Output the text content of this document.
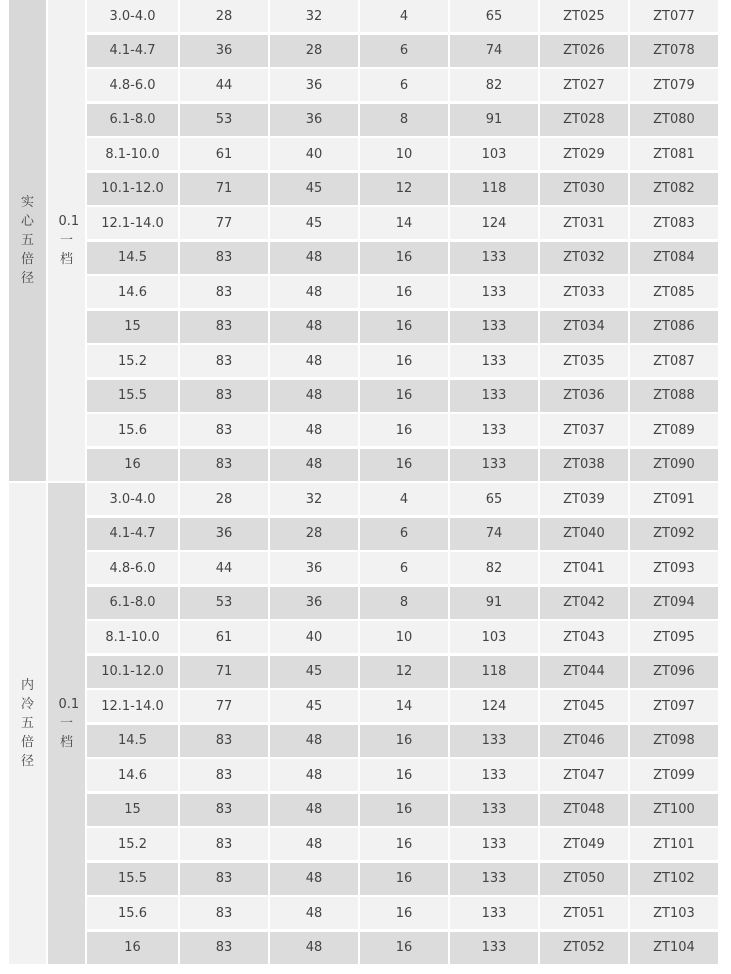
实心五倍径
0.1一档
3.0-4.0	28	32	4	65	ZT025	ZT077
4.1-4.7	36	28	6	74	ZT026	ZT078
4.8-6.0	44	36	6	82	ZT027	ZT079
6.1-8.0	53	36	8	91	ZT028	ZT080
8.1-10.0	61	40	10	103	ZT029	ZT081
10.1-12.0	71	45	12	118	ZT030	ZT082
12.1-14.0	77	45	14	124	ZT031	ZT083
14.5	83	48	16	133	ZT032	ZT084
14.6	83	48	16	133	ZT033	ZT085
15	83	48	16	133	ZT034	ZT086
15.2	83	48	16	133	ZT035	ZT087
15.5	83	48	16	133	ZT036	ZT088
15.6	83	48	16	133	ZT037	ZT089
16	83	48	16	133	ZT038	ZT090
内冷五倍径
0.1一档
3.0-4.0	28	32	4	65	ZT039	ZT091
4.1-4.7	36	28	6	74	ZT040	ZT092
4.8-6.0	44	36	6	82	ZT041	ZT093
6.1-8.0	53	36	8	91	ZT042	ZT094
8.1-10.0	61	40	10	103	ZT043	ZT095
10.1-12.0	71	45	12	118	ZT044	ZT096
12.1-14.0	77	45	14	124	ZT045	ZT097
14.5	83	48	16	133	ZT046	ZT098
14.6	83	48	16	133	ZT047	ZT099
15	83	48	16	133	ZT048	ZT100
15.2	83	48	16	133	ZT049	ZT101
15.5	83	48	16	133	ZT050	ZT102
15.6	83	48	16	133	ZT051	ZT103
16	83	48	16	133	ZT052	ZT104
